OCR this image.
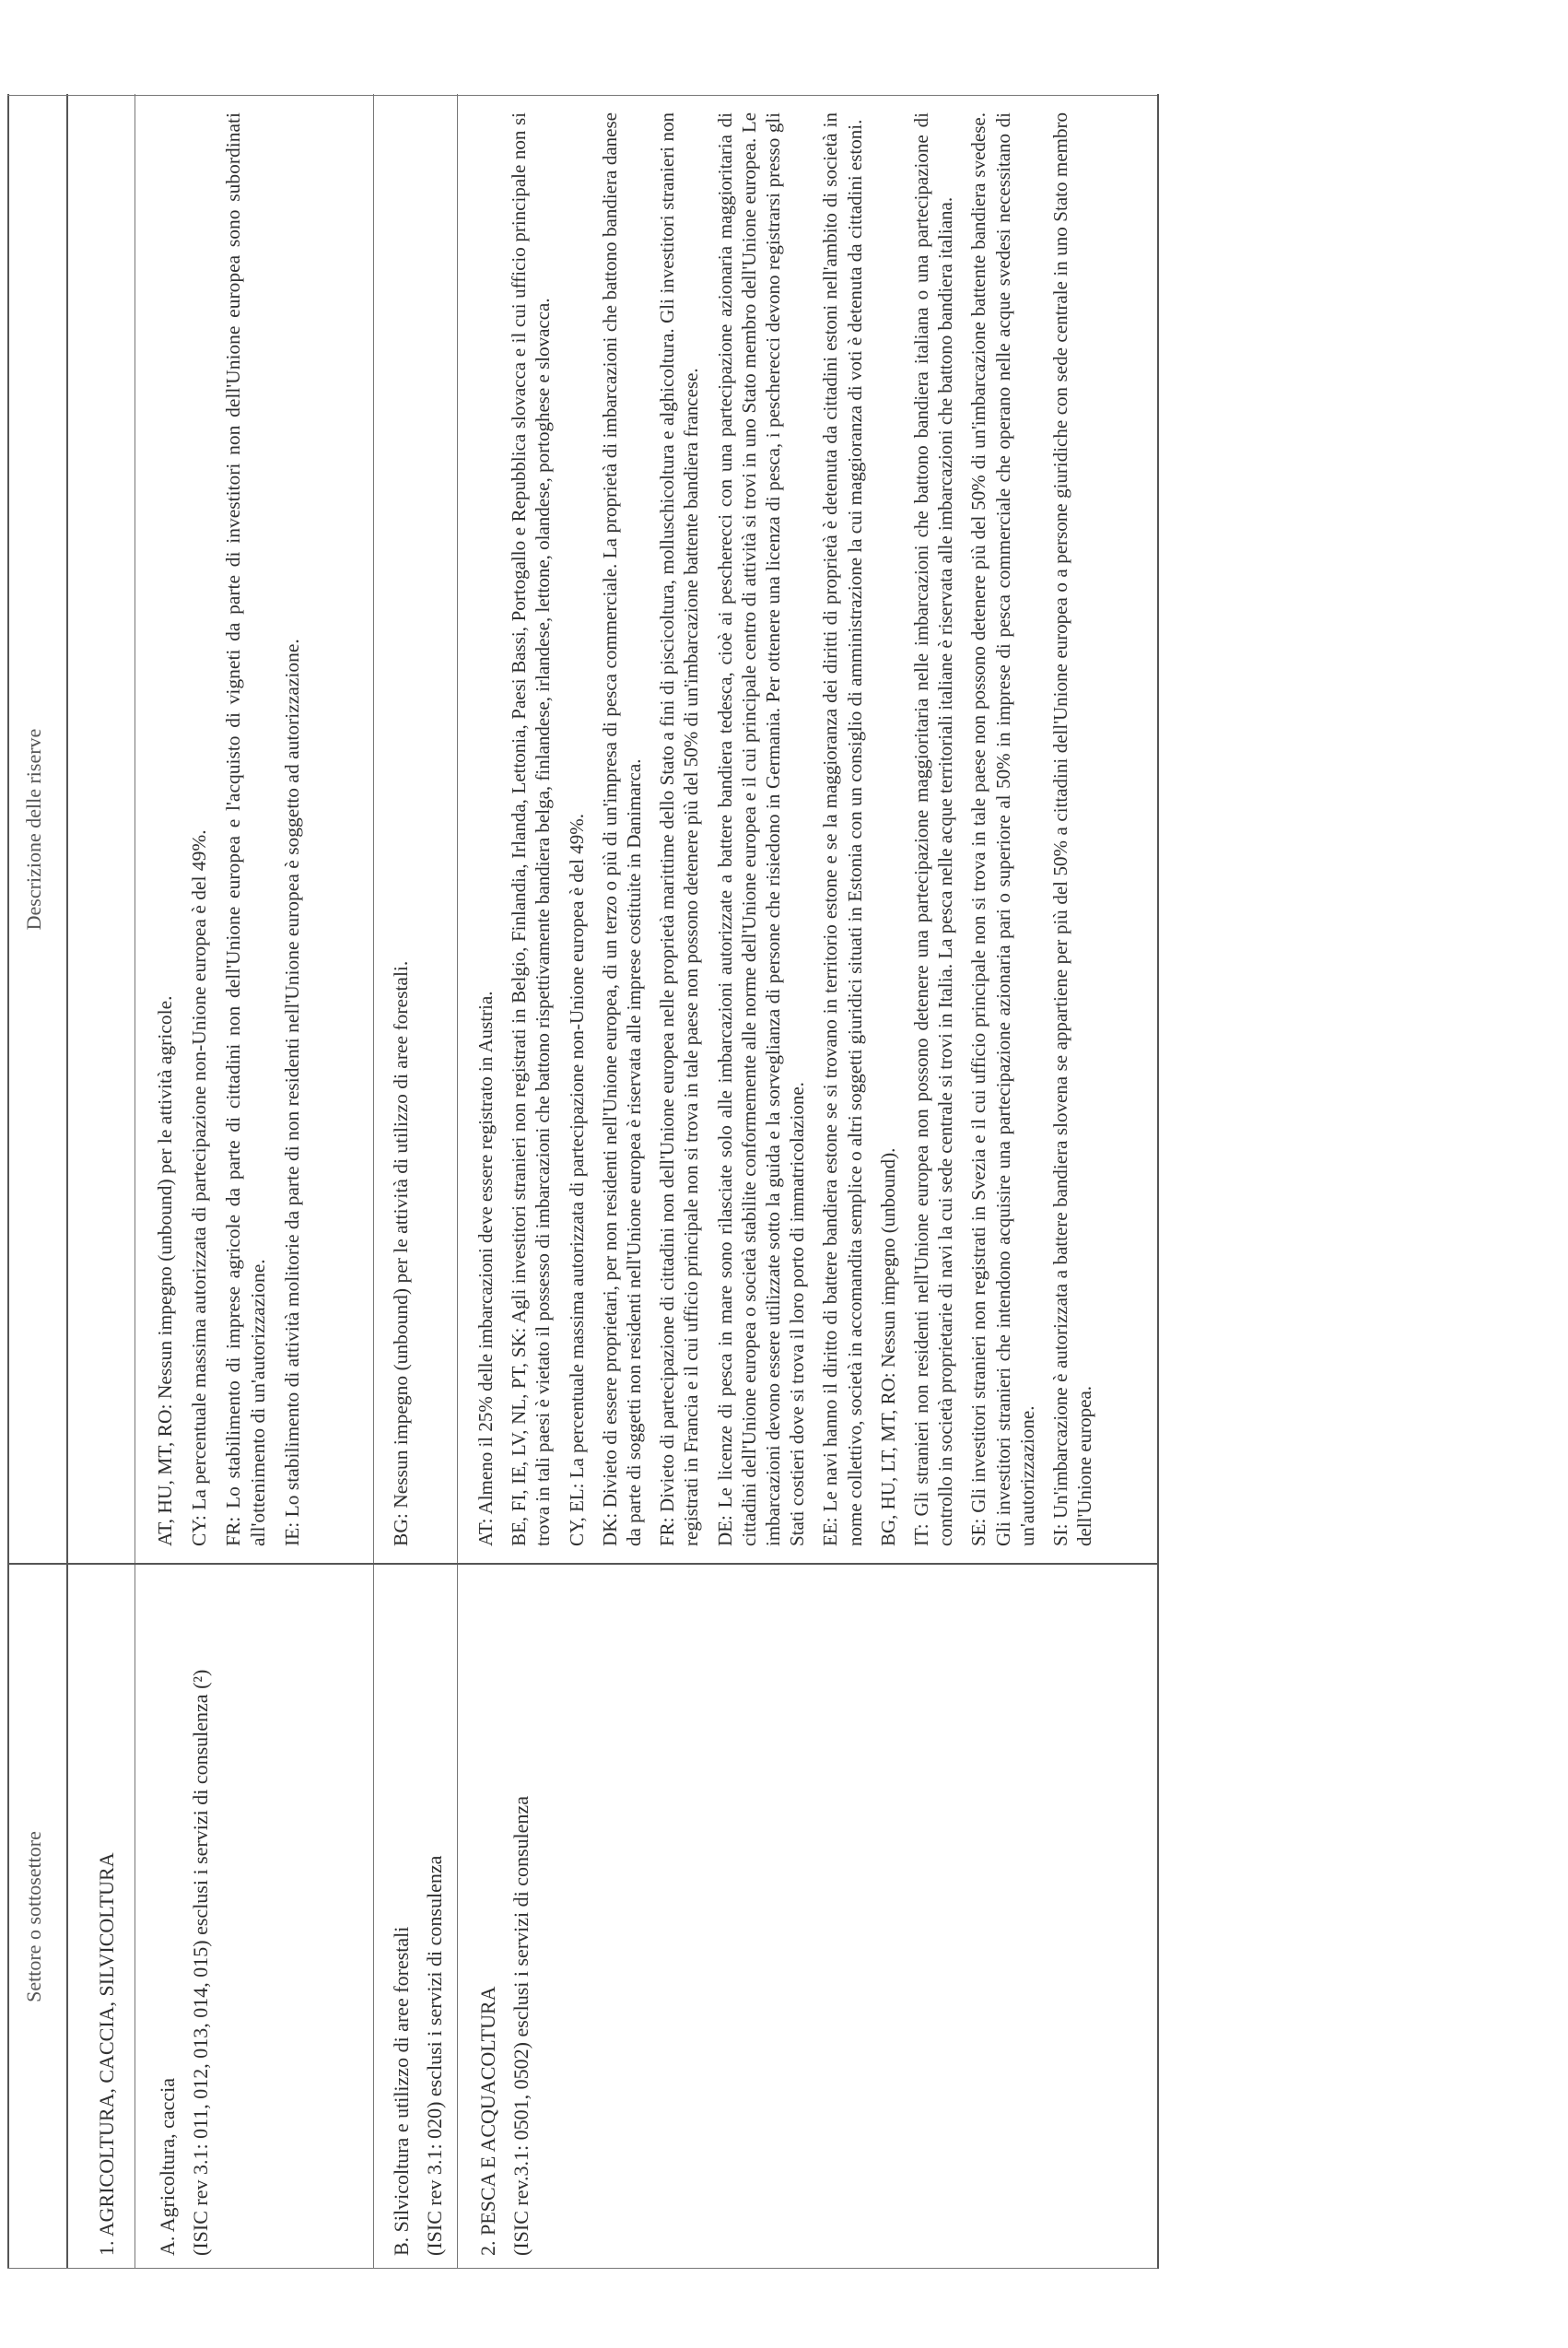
Settore o sottosettore
Descrizione delle riserve
1. AGRICOLTURA, CACCIA, SILVICOLTURA A. Agricoltura, caccia (ISIC rev 3.1: 011, 012, 013, 014, 015) esclusi i servizi di consulenza (²)

AT, HU, MT, RO: Nessun impegno (unbound) per le attività agricole. CY: La percentuale massima autorizzata di partecipazione non-Unione europea è del 49%. FR: Lo stabilimento di imprese agricole da parte di cittadini non dell'Unione europea e l'acquisto di vigneti da parte di investitori non dell'Unione europea sono subordinati all'ottenimento di un'autorizzazione. IE: Lo stabilimento di attività molitorie da parte di non residenti nell'Unione europea è soggetto ad autorizzazione.

B. Silvicoltura e utilizzo di aree forestali (ISIC rev 3.1: 020) esclusi i servizi di consulenza

BG: Nessun impegno (unbound) per le attività di utilizzo di aree forestali.

2. PESCA E ACQUACOLTURA (ISIC rev.3.1: 0501, 0502) esclusi i servizi di consulenza

AT: Almeno il 25% delle imbarcazioni deve essere registrato in Austria. BE, FI, IE, LV, NL, PT, SK: Agli investitori stranieri non registrati in Belgio, Finlandia, Irlanda, Lettonia, Paesi Bassi, Portogallo e Repubblica slovacca e il cui ufficio principale non si trova in tali paesi è vietato il possesso di imbarcazioni che battono rispettivamente bandiera belga, finlandese, irlandese, lettone, olandese, portoghese e slovacca. CY, EL: La percentuale massima autorizzata di partecipazione non-Unione europea è del 49%. DK: Divieto di essere proprietari, per non residenti nell'Unione europea, di un terzo o più di un'impresa di pesca commerciale. La proprietà di imbarcazioni che battono bandiera danese da parte di soggetti non residenti nell'Unione europea è riservata alle imprese costituite in Danimarca. FR: Divieto di partecipazione di cittadini non dell'Unione europea nelle proprietà marittime dello Stato a fini di piscicoltura, molluschicoltura e alghicoltura. Gli investitori stranieri non registrati in Francia e il cui ufficio principale non si trova in tale paese non possono detenere più del 50% di un'imbarcazione battente bandiera francese. DE: Le licenze di pesca in mare sono rilasciate solo alle imbarcazioni autorizzate a battere bandiera tedesca, cioè ai pescherecci con una partecipazione azionaria maggioritaria di cittadini dell'Unione europea o società stabilite conformemente alle norme dell'Unione europea e il cui principale centro di attività si trovi in uno Stato membro dell'Unione europea. Le imbarcazioni devono essere utilizzate sotto la guida e la sorveglianza di persone che risiedono in Germania. Per ottenere una licenza di pesca, i pescherecci devono registrarsi presso gli Stati costieri dove si trova il loro porto di immatricolazione. EE: Le navi hanno il diritto di battere bandiera estone se si trovano in territorio estone e se la maggioranza dei diritti di proprietà è detenuta da cittadini estoni nell'ambito di società in nome collettivo, società in accomandita semplice o altri soggetti giuridici situati in Estonia con un consiglio di amministrazione la cui maggioranza di voti è detenuta da cittadini estoni. BG, HU, LT, MT, RO: Nessun impegno (unbound). IT: Gli stranieri non residenti nell'Unione europea non possono detenere una partecipazione maggioritaria nelle imbarcazioni che battono bandiera italiana o una partecipazione di controllo in società proprietarie di navi la cui sede centrale si trovi in Italia. La pesca nelle acque territoriali italiane è riservata alle imbarcazioni che battono bandiera italiana. SE: Gli investitori stranieri non registrati in Svezia e il cui ufficio principale non si trova in tale paese non possono detenere più del 50% di un'imbarcazione battente bandiera svedese. Gli investitori stranieri che intendono acquisire una partecipazione azionaria pari o superiore al 50% in imprese di pesca commerciale che operano nelle acque svedesi necessitano di un'autorizzazione. SI: Un'imbarcazione è autorizzata a battere bandiera slovena se appartiene per più del 50% a cittadini dell'Unione europea o a persone giuridiche con sede centrale in uno Stato membro dell'Unione europea.
